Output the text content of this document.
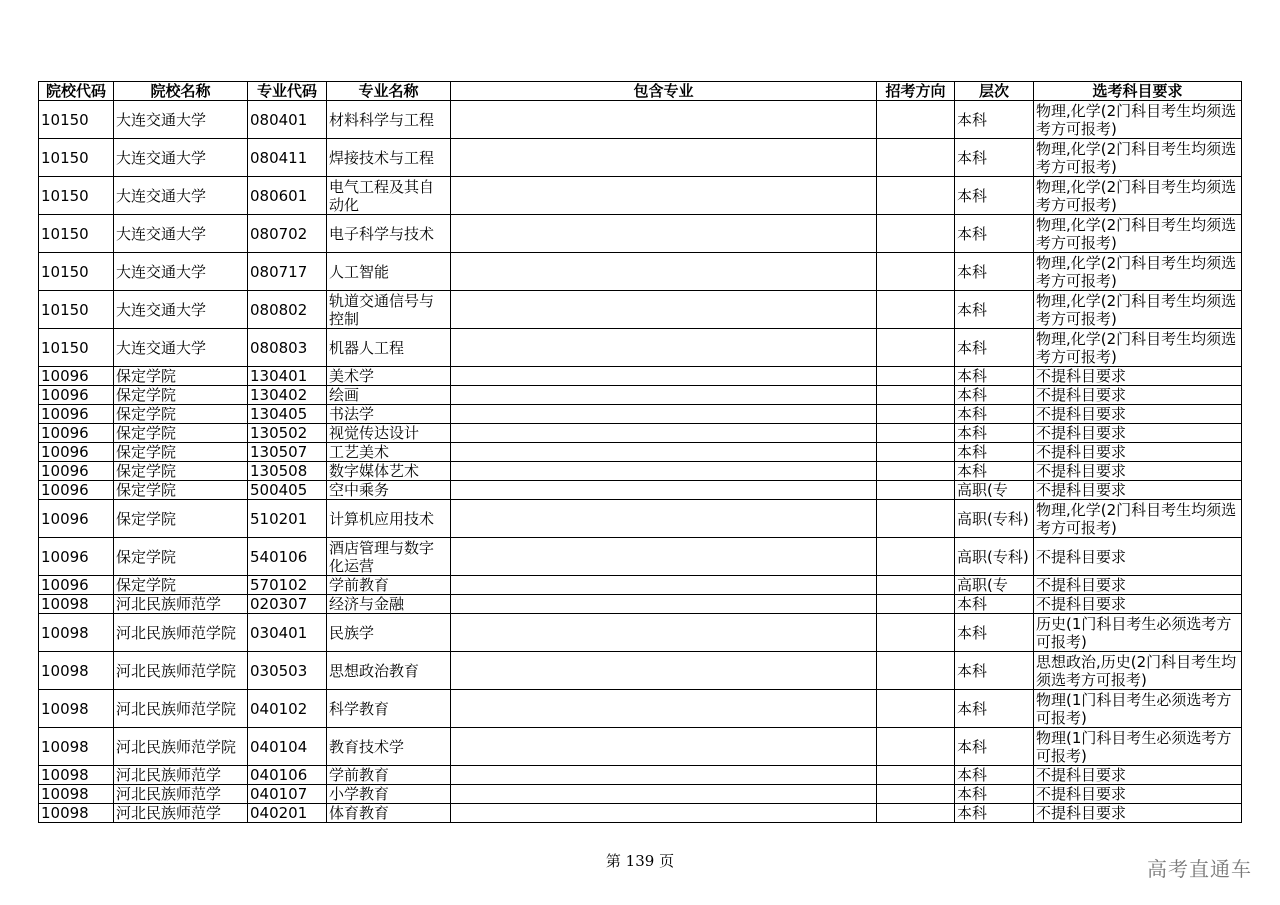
院校代码	院校名称	专业代码	专业名称	包含专业	招考方向	层次	选考科目要求
10150	大连交通大学	080401	材料科学与工程			本科	物理,化学(2门科目考生均须选考方可报考)
10150	大连交通大学	080411	焊接技术与工程			本科	物理,化学(2门科目考生均须选考方可报考)
10150	大连交通大学	080601	电气工程及其自动化			本科	物理,化学(2门科目考生均须选考方可报考)
10150	大连交通大学	080702	电子科学与技术			本科	物理,化学(2门科目考生均须选考方可报考)
10150	大连交通大学	080717	人工智能			本科	物理,化学(2门科目考生均须选考方可报考)
10150	大连交通大学	080802	轨道交通信号与控制			本科	物理,化学(2门科目考生均须选考方可报考)
10150	大连交通大学	080803	机器人工程			本科	物理,化学(2门科目考生均须选考方可报考)
10096	保定学院	130401	美术学			本科	不提科目要求
10096	保定学院	130402	绘画			本科	不提科目要求
10096	保定学院	130405	书法学			本科	不提科目要求
10096	保定学院	130502	视觉传达设计			本科	不提科目要求
10096	保定学院	130507	工艺美术			本科	不提科目要求
10096	保定学院	130508	数字媒体艺术			本科	不提科目要求
10096	保定学院	500405	空中乘务			高职(专	不提科目要求
10096	保定学院	510201	计算机应用技术			高职(专科)	物理,化学(2门科目考生均须选考方可报考)
10096	保定学院	540106	酒店管理与数字化运营			高职(专科)	不提科目要求
10096	保定学院	570102	学前教育			高职(专	不提科目要求
10098	河北民族师范学	020307	经济与金融			本科	不提科目要求
10098	河北民族师范学院	030401	民族学			本科	历史(1门科目考生必须选考方可报考)
10098	河北民族师范学院	030503	思想政治教育			本科	思想政治,历史(2门科目考生均须选考方可报考)
10098	河北民族师范学院	040102	科学教育			本科	物理(1门科目考生必须选考方可报考)
10098	河北民族师范学院	040104	教育技术学			本科	物理(1门科目考生必须选考方可报考)
10098	河北民族师范学	040106	学前教育			本科	不提科目要求
10098	河北民族师范学	040107	小学教育			本科	不提科目要求
10098	河北民族师范学	040201	体育教育			本科	不提科目要求
第 139 页	高考直通车
